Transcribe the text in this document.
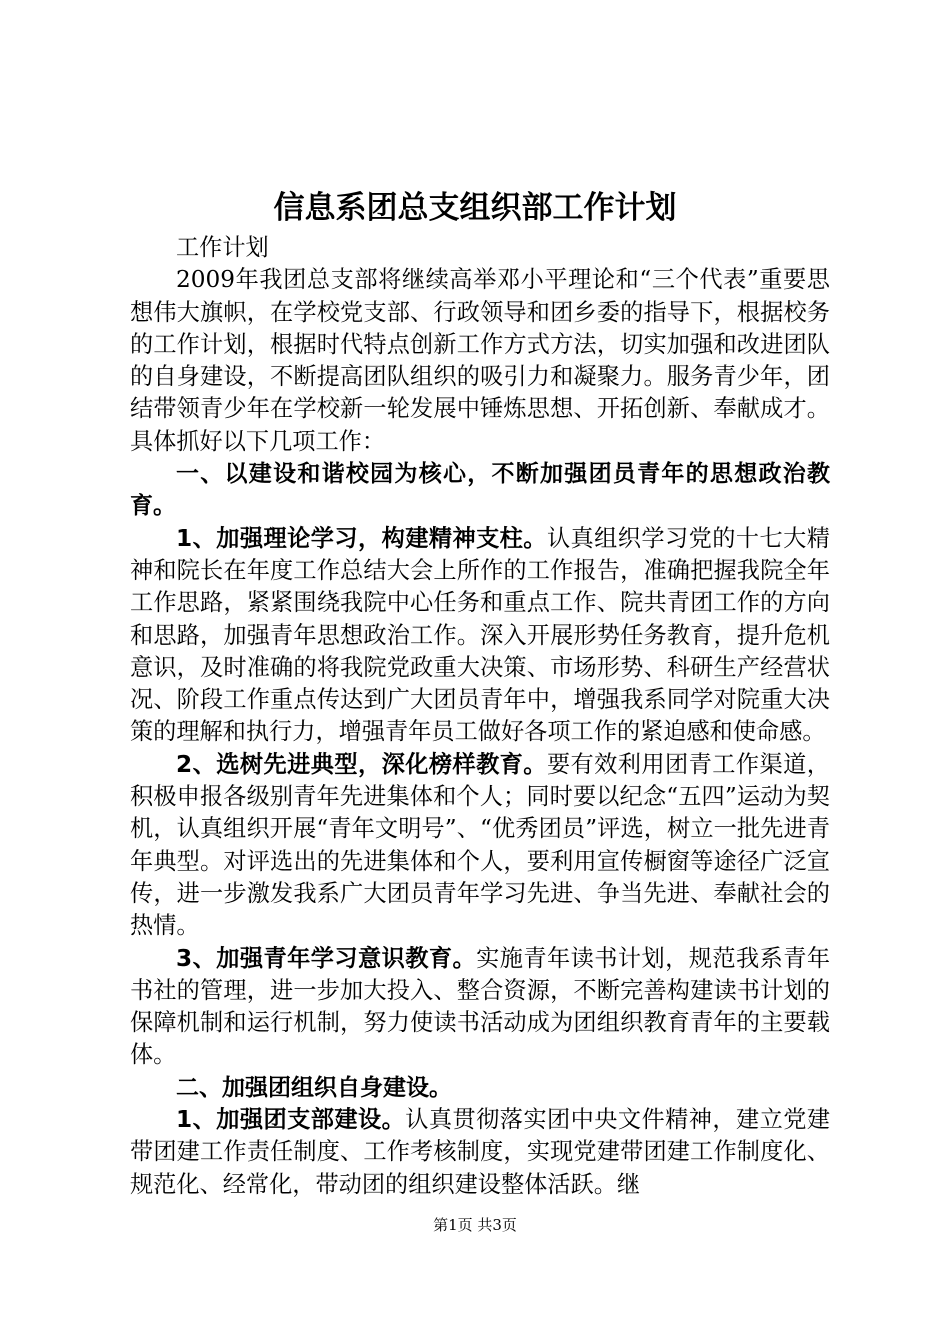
信息系团总支组织部工作计划

工作计划

2009年我团总支部将继续高举邓小平理论和“三个代表”重要思想伟大旗帜，在学校党支部、行政领导和团乡委的指导下，根据校务的工作计划，根据时代特点创新工作方式方法，切实加强和改进团队的自身建设，不断提高团队组织的吸引力和凝聚力。服务青少年，团结带领青少年在学校新一轮发展中锤炼思想、开拓创新、奉献成才。具体抓好以下几项工作：

一、以建设和谐校园为核心，不断加强团员青年的思想政治教育。

1、加强理论学习，构建精神支柱。认真组织学习党的十七大精神和院长在年度工作总结大会上所作的工作报告，准确把握我院全年工作思路，紧紧围绕我院中心任务和重点工作、院共青团工作的方向和思路，加强青年思想政治工作。深入开展形势任务教育，提升危机意识，及时准确的将我院党政重大决策、市场形势、科研生产经营状况、阶段工作重点传达到广大团员青年中，增强我系同学对院重大决策的理解和执行力，增强青年员工做好各项工作的紧迫感和使命感。

2、选树先进典型，深化榜样教育。要有效利用团青工作渠道，积极申报各级别青年先进集体和个人；同时要以纪念“五四”运动为契机，认真组织开展“青年文明号”、“优秀团员”评选，树立一批先进青年典型。对评选出的先进集体和个人，要利用宣传橱窗等途径广泛宣传，进一步激发我系广大团员青年学习先进、争当先进、奉献社会的热情。

3、加强青年学习意识教育。实施青年读书计划，规范我系青年书社的管理，进一步加大投入、整合资源，不断完善构建读书计划的保障机制和运行机制，努力使读书活动成为团组织教育青年的主要载体。

二、加强团组织自身建设。

1、加强团支部建设。认真贯彻落实团中央文件精神，建立党建带团建工作责任制度、工作考核制度，实现党建带团建工作制度化、规范化、经常化，带动团的组织建设整体活跃。继

第1页 共3页
